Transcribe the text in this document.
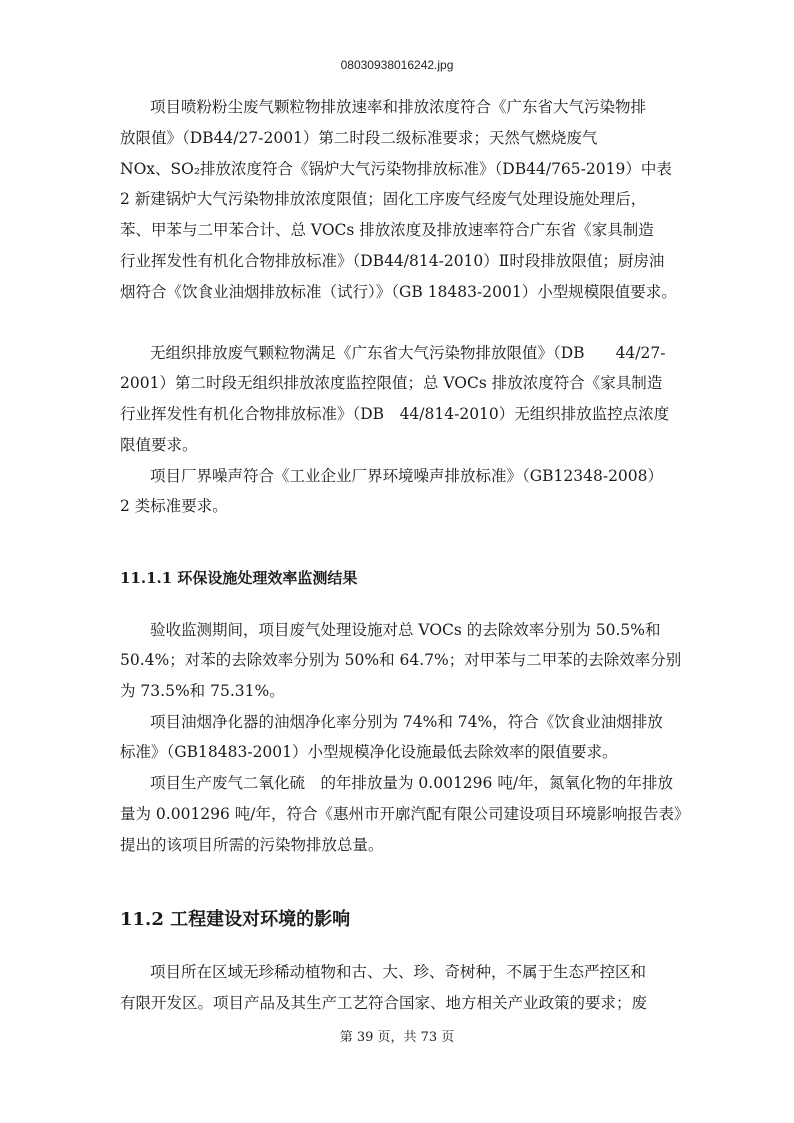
08030938016242.jpg
项目喷粉粉尘废气颗粒物排放速率和排放浓度符合《广东省大气污染物排
放限值》（DB44/27-2001）第二时段二级标准要求；天然气燃烧废气
NOx、SO₂排放浓度符合《锅炉大气污染物排放标准》（DB44/765-2019）中表
2 新建锅炉大气污染物排放浓度限值；固化工序废气经废气处理设施处理后，
苯、甲苯与二甲苯合计、总 VOCs 排放浓度及排放速率符合广东省《家具制造
行业挥发性有机化合物排放标准》（DB44/814-2010）Ⅱ时段排放限值；厨房油
烟符合《饮食业油烟排放标准（试行）》（GB 18483-2001）小型规模限值要求。
无组织排放废气颗粒物满足《广东省大气污染物排放限值》（DB　　44/27-
2001）第二时段无组织排放浓度监控限值；总 VOCs 排放浓度符合《家具制造
行业挥发性有机化合物排放标准》（DB　44/814-2010）无组织排放监控点浓度
限值要求。
项目厂界噪声符合《工业企业厂界环境噪声排放标准》（GB12348-2008）
2 类标准要求。
11.1.1 环保设施处理效率监测结果
验收监测期间，项目废气处理设施对总 VOCs 的去除效率分别为 50.5%和
50.4%；对苯的去除效率分别为 50%和 64.7%；对甲苯与二甲苯的去除效率分别
为 73.5%和 75.31%。
项目油烟净化器的油烟净化率分别为 74%和 74%，符合《饮食业油烟排放
标准》（GB18483-2001）小型规模净化设施最低去除效率的限值要求。
项目生产废气二氧化硫　的年排放量为 0.001296 吨/年，氮氧化物的年排放
量为 0.001296 吨/年，符合《惠州市开廓汽配有限公司建设项目环境影响报告表》
提出的该项目所需的污染物排放总量。
11.2 工程建设对环境的影响
项目所在区域无珍稀动植物和古、大、珍、奇树种，不属于生态严控区和
有限开发区。项目产品及其生产工艺符合国家、地方相关产业政策的要求；废
第 39 页，共 73 页
